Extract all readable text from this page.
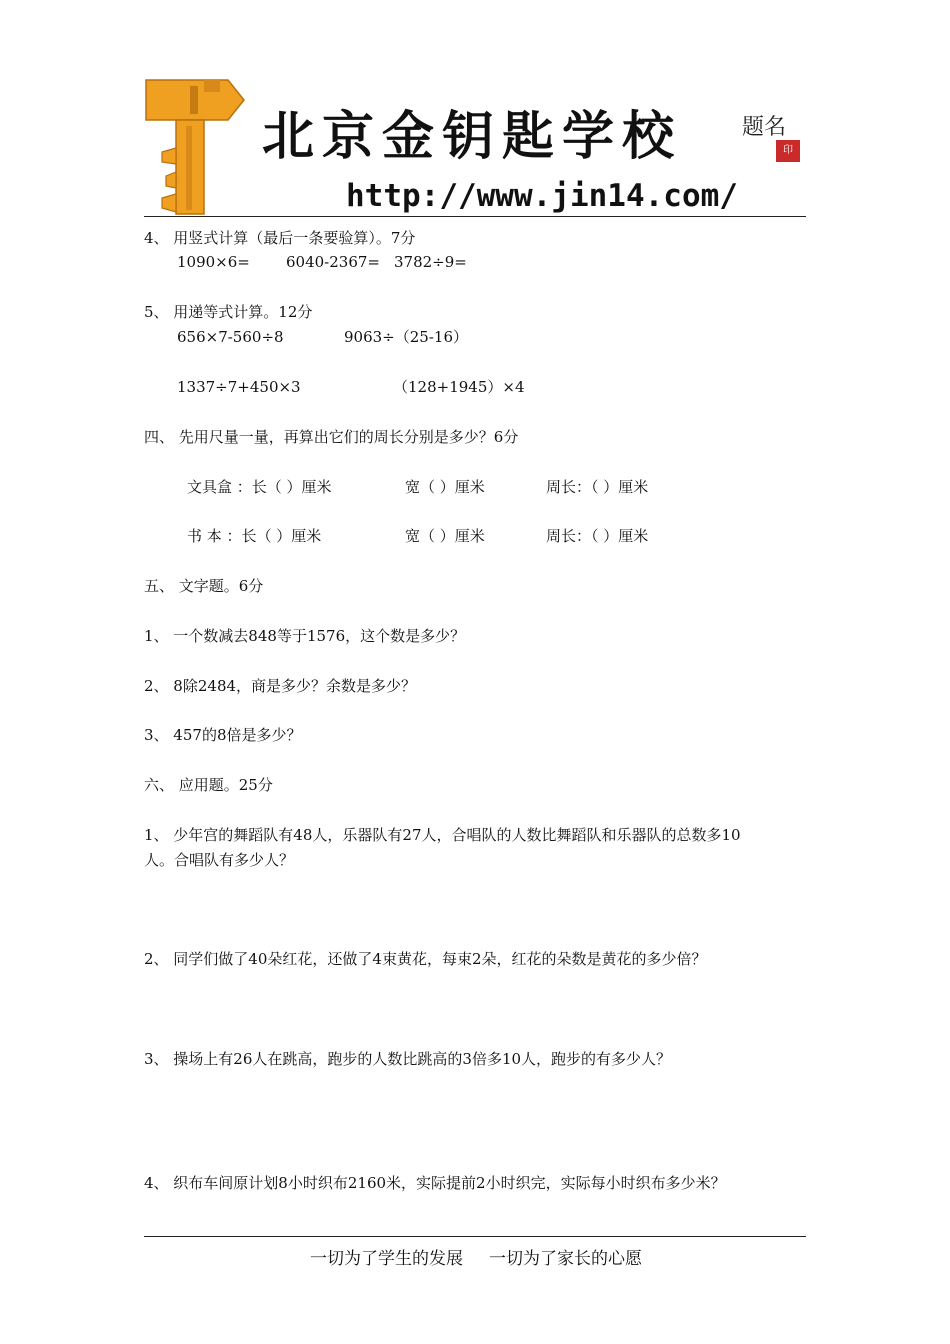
北京金钥匙学校	题名
印
http://www.jin14.com/
4、 用竖式计算（最后一条要验算）。7分
1090×6= 6040-2367= 3782÷9=
5、 用递等式计算。12分
656×7-560÷8	9063÷（25-16）
1337÷7+450×3	（128+1945）×4
四、 先用尺量一量，再算出它们的周长分别是多少？6分
文具盒 ：长（ ）厘米	宽（ ）厘米	周长：（ ）厘米
书 本 ：长（ ）厘米	宽（ ）厘米	周长：（ ）厘米
五、 文字题。6分
1、 一个数减去848等于1576，这个数是多少？
2、 8除2484，商是多少？余数是多少？
3、 457的8倍是多少？
六、 应用题。25分
1、 少年宫的舞蹈队有48人，乐器队有27人，合唱队的人数比舞蹈队和乐器队的总数多10
人。合唱队有多少人？
2、 同学们做了40朵红花，还做了4束黄花，每束2朵，红花的朵数是黄花的多少倍？
3、 操场上有26人在跳高，跑步的人数比跳高的3倍多10人，跑步的有多少人？
4、 织布车间原计划8小时织布2160米，实际提前2小时织完，实际每小时织布多少米？
一切为了学生的发展 一切为了家长的心愿
